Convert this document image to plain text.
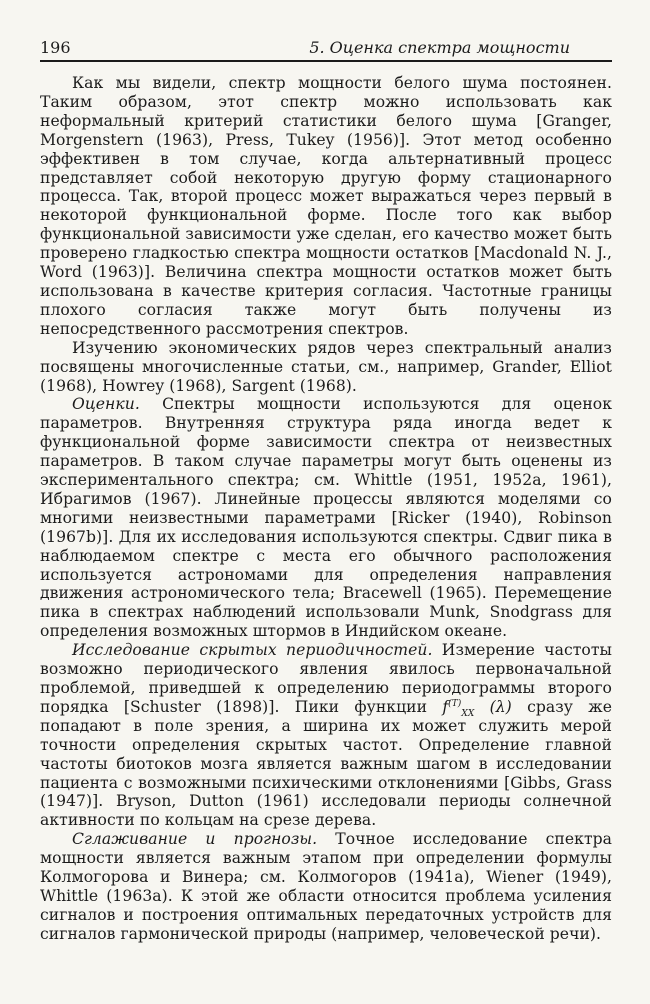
196	5. Оценка спектра мощности

Как мы видели, спектр мощности белого шума постоянен. Таким образом, этот спектр можно использовать как неформальный критерий статистики белого шума [Granger, Morgenstern (1963), Press, Tukey (1956)]. Этот метод особенно эффективен в том случае, когда альтернативный процесс представляет собой некоторую другую форму стационарного процесса. Так, второй процесс может выражаться через первый в некоторой функциональной форме. После того как выбор функциональной зависимости уже сделан, его качество может быть проверено гладкостью спектра мощности остатков [Macdonald N. J., Word (1963)]. Величина спектра мощности остатков может быть использована в качестве критерия согласия. Частотные границы плохого согласия также могут быть получены из непосредственного рассмотрения спектров.

Изучению экономических рядов через спектральный анализ посвящены многочисленные статьи, см., например, Grander, Elliot (1968), Howrey (1968), Sargent (1968).

Оценки. Спектры мощности используются для оценок параметров. Внутренняя структура ряда иногда ведет к функциональной форме зависимости спектра от неизвестных параметров. В таком случае параметры могут быть оценены из экспериментального спектра; см. Whittle (1951, 1952a, 1961), Ибрагимов (1967). Линейные процессы являются моделями со многими неизвестными параметрами [Ricker (1940), Robinson (1967b)]. Для их исследования используются спектры. Сдвиг пика в наблюдаемом спектре с места его обычного расположения используется астрономами для определения направления движения астрономического тела; Bracewell (1965). Перемещение пика в спектрах наблюдений использовали Munk, Snodgrass для определения возможных штормов в Индийском океане.

Исследование скрытых периодичностей. Измерение частоты возможно периодического явления явилось первоначальной проблемой, приведшей к определению периодограммы второго порядка [Schuster (1898)]. Пики функции $f^{(T)}_{XX}$ (λ) сразу же попадают в поле зрения, а ширина их может служить мерой точности определения скрытых частот. Определение главной частоты биотоков мозга является важным шагом в исследовании пациента с возможными психическими отклонениями [Gibbs, Grass (1947)]. Bryson, Dutton (1961) исследовали периоды солнечной активности по кольцам на срезе дерева.

Сглаживание и прогнозы. Точное исследование спектра мощности является важным этапом при определении формулы Колмогорова и Винера; см. Колмогоров (1941a), Wiener (1949), Whittle (1963a). К этой же области относится проблема усиления сигналов и построения оптимальных передаточных устройств для сигналов гармонической природы (например, человеческой речи).
